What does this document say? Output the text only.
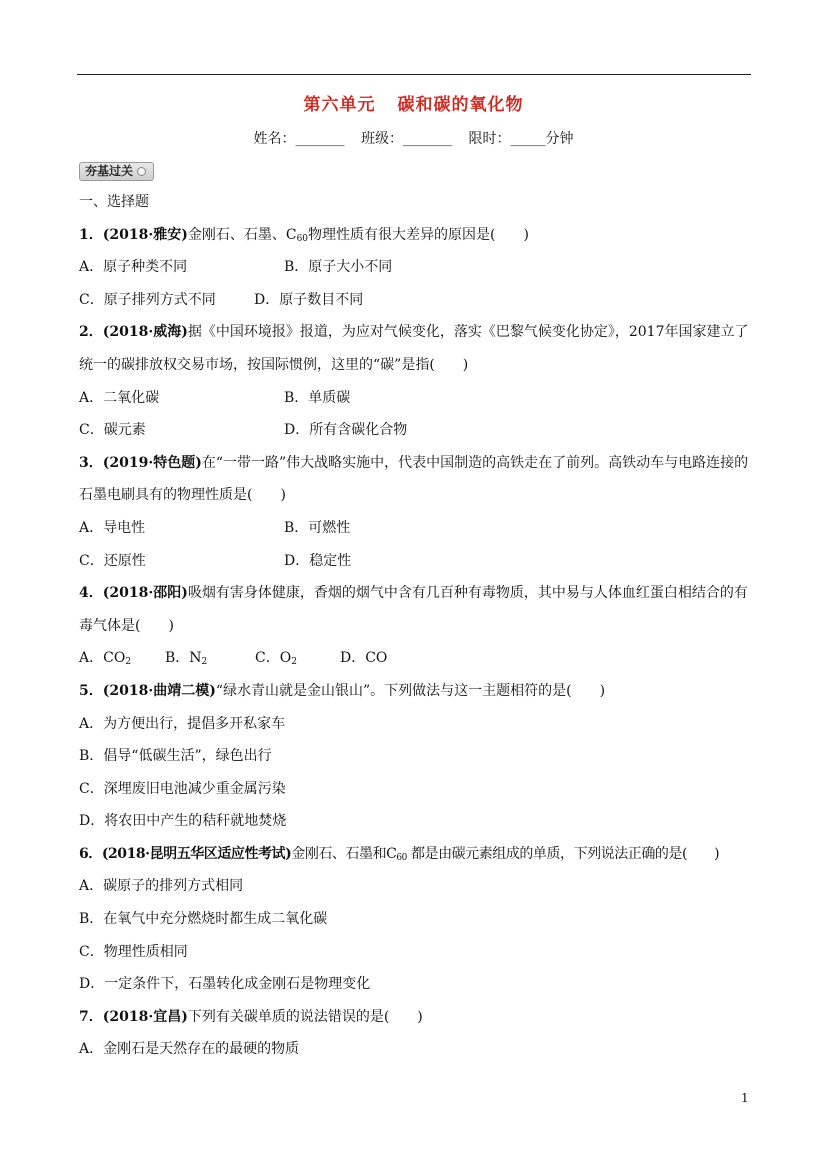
第六单元 碳和碳的氧化物
姓名：_______ 班级：_______ 限时：_____分钟
夯基过关
一、选择题
1．(2018·雅安)金刚石、石墨、$C_{60}$物理性质有很大差异的原因是(　　)
A．原子种类不同	B．原子大小不同
C．原子排列方式不同	D．原子数目不同
2．(2018·威海)据《中国环境报》报道，为应对气候变化，落实《巴黎气候变化协定》，2017年国家建立了统一的碳排放权交易市场，按国际惯例，这里的“碳”是指(　　)
A．二氧化碳	B．单质碳
C．碳元素	D．所有含碳化合物
3．(2019·特色题)在“一带一路”伟大战略实施中，代表中国制造的高铁走在了前列。高铁动车与电路连接的石墨电刷具有的物理性质是(　　)
A．导电性	B．可燃性
C．还原性	D．稳定性
4．(2018·邵阳)吸烟有害身体健康，香烟的烟气中含有几百种有毒物质，其中易与人体血红蛋白相结合的有毒气体是(　　)
A．$CO_2$	B．$N_2$	C．$O_2$	D．CO
5．(2018·曲靖二模)“绿水青山就是金山银山”。下列做法与这一主题相符的是(　　)
A．为方便出行，提倡多开私家车
B．倡导“低碳生活”，绿色出行
C．深埋废旧电池减少重金属污染
D．将农田中产生的秸秆就地焚烧
6．(2018·昆明五华区适应性考试)金刚石、石墨和$C_{60}$ 都是由碳元素组成的单质，下列说法正确的是(　　)
A．碳原子的排列方式相同
B．在氧气中充分燃烧时都生成二氧化碳
C．物理性质相同
D．一定条件下，石墨转化成金刚石是物理变化
7．(2018·宜昌)下列有关碳单质的说法错误的是(　　)
A．金刚石是天然存在的最硬的物质
1
